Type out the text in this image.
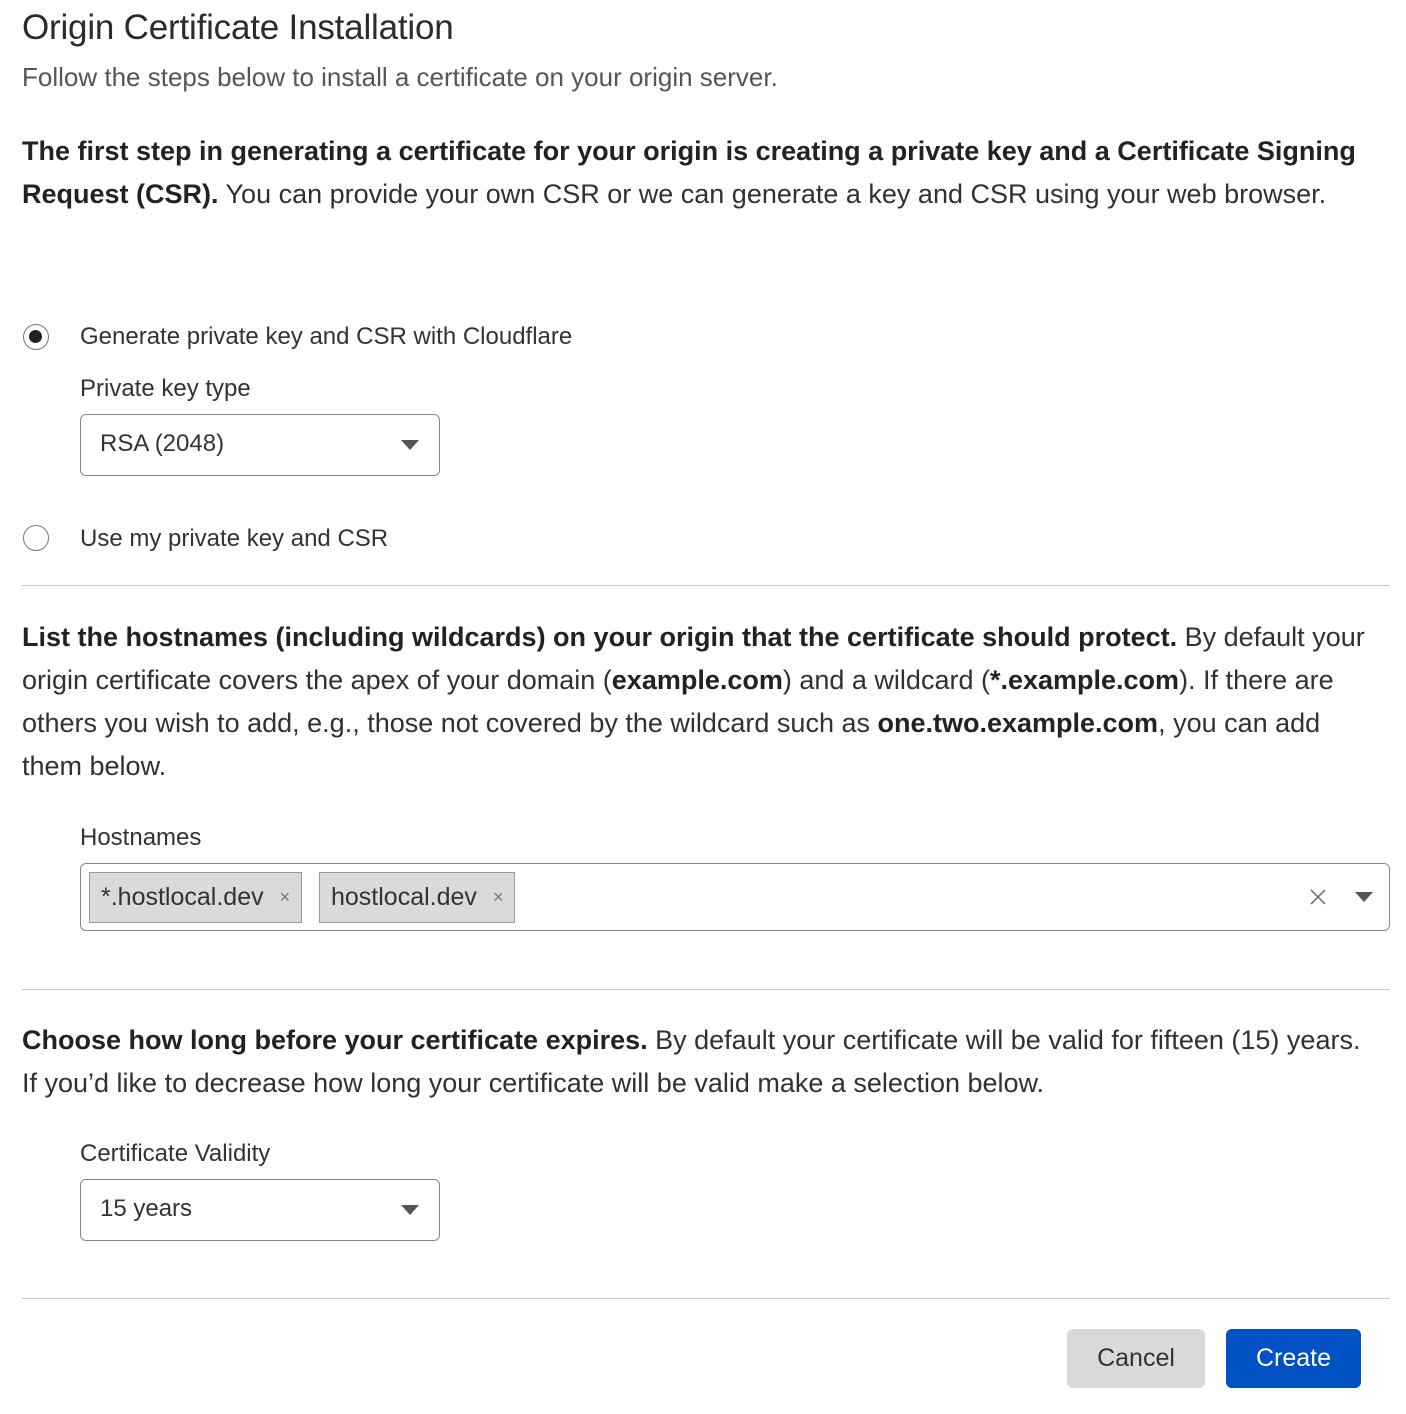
Origin Certificate Installation
Follow the steps below to install a certificate on your origin server.
The first step in generating a certificate for your origin is creating a private key and a Certificate Signing Request (CSR). You can provide your own CSR or we can generate a key and CSR using your web browser.
Generate private key and CSR with Cloudflare
Private key type
RSA (2048)
Use my private key and CSR
List the hostnames (including wildcards) on your origin that the certificate should protect. By default your origin certificate covers the apex of your domain (example.com) and a wildcard (*.example.com). If there are others you wish to add, e.g., those not covered by the wildcard such as one.two.example.com, you can add them below.
Hostnames
*.hostlocal.dev × hostlocal.dev ×
Choose how long before your certificate expires. By default your certificate will be valid for fifteen (15) years. If you’d like to decrease how long your certificate will be valid make a selection below.
Certificate Validity
15 years
Cancel	Create
